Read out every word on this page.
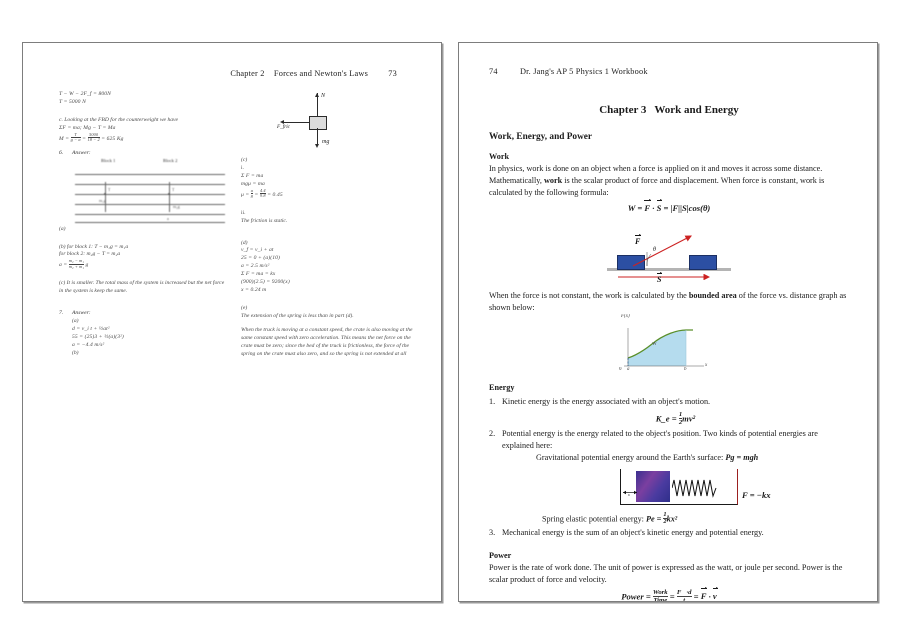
Chapter 2 Forces and Newton's Laws 73
T − W − 2F_f = 800N
T = 5000 N
c. Looking at the FBD for the counterweight we have
ΣF = ma; Mg − T = Ma
$M = \frac{T}{g - a} = \frac{5000}{18 - 2} = 625$ Kg
6. Answer:
Block 1	Block 2
T	T
m₁g
m₂g
a
(a)
(b) for block 1: T − m₁g = m₁a
for block 2: m₂g − T = m₂a
$a = \frac{\text{m₂ − m₁}}{\text{m₂ + m₁}}$ g
(c) It is smaller. The total mass of the system is increased but the net force in the system is keep the same.
7. Answer:
(a)
d = v_i t + ½at²
55 = (25)3 + ½(a)(3²)
a = −4.4 m/s²
(b)
N
F_fric
mg
(c)
i.
Σ F = ma
mgμ = ma
$\mu = \frac{a}{g} = \frac{4.4}{9.8} = 0.45$
ii.
The friction is static.
(d)
v_f = v_i + at
25 = 0 + (a)(10)
a = 2.5 m/s²
Σ F = ma = kx
(900)(2.5) = 9200(x)
x = 0.24 m
(e)
The extension of the spring is less than in part (d).
When the truck is moving at a constant speed, the crate is also moving at the same constant speed with zero acceleration. This means the net force on the crate must be zero; since the bed of the truck is frictionless, the force of the spring on the crate must also zero, and so the spring is not extended at all
74	Dr. Jang's AP 5 Physics 1 Workbook
Chapter 3 Work and Energy
Work, Energy, and Power
Work

In physics, work is done on an object when a force is applied on it and moves it across some distance. Mathematically, work is the scalar product of force and displacement. When force is constant, work is calculated by the following formula:

W = F · S = |F||S|cos(θ)
F
θ
S

When the force is not constant, the work is calculated by the bounded area of the force vs. distance graph as shown below:

F(x)
W
0 a	b
x
Energy
1. Kinetic energy is the energy associated with an object's motion.
K_e = $\frac{1}{2} mv^2$
2. Potential energy is the energy related to the object's position. Two kinds of potential energies are explained here:
Gravitational potential energy around the Earth's surface: Pg = mgh
x	F = −kx
Spring elastic potential energy: $Pe = \frac{1}{2} kx^2$
3. Mechanical energy is the sum of an object's kinetic energy and potential energy.
Power

Power is the rate of work done. The unit of power is expressed as the watt, or joule per second. Power is the scalar product of force and velocity.

Power = $\frac{\text{Work}}{\text{Time}} = \frac{F⃗\cdot d}{t} = F \cdot v$
